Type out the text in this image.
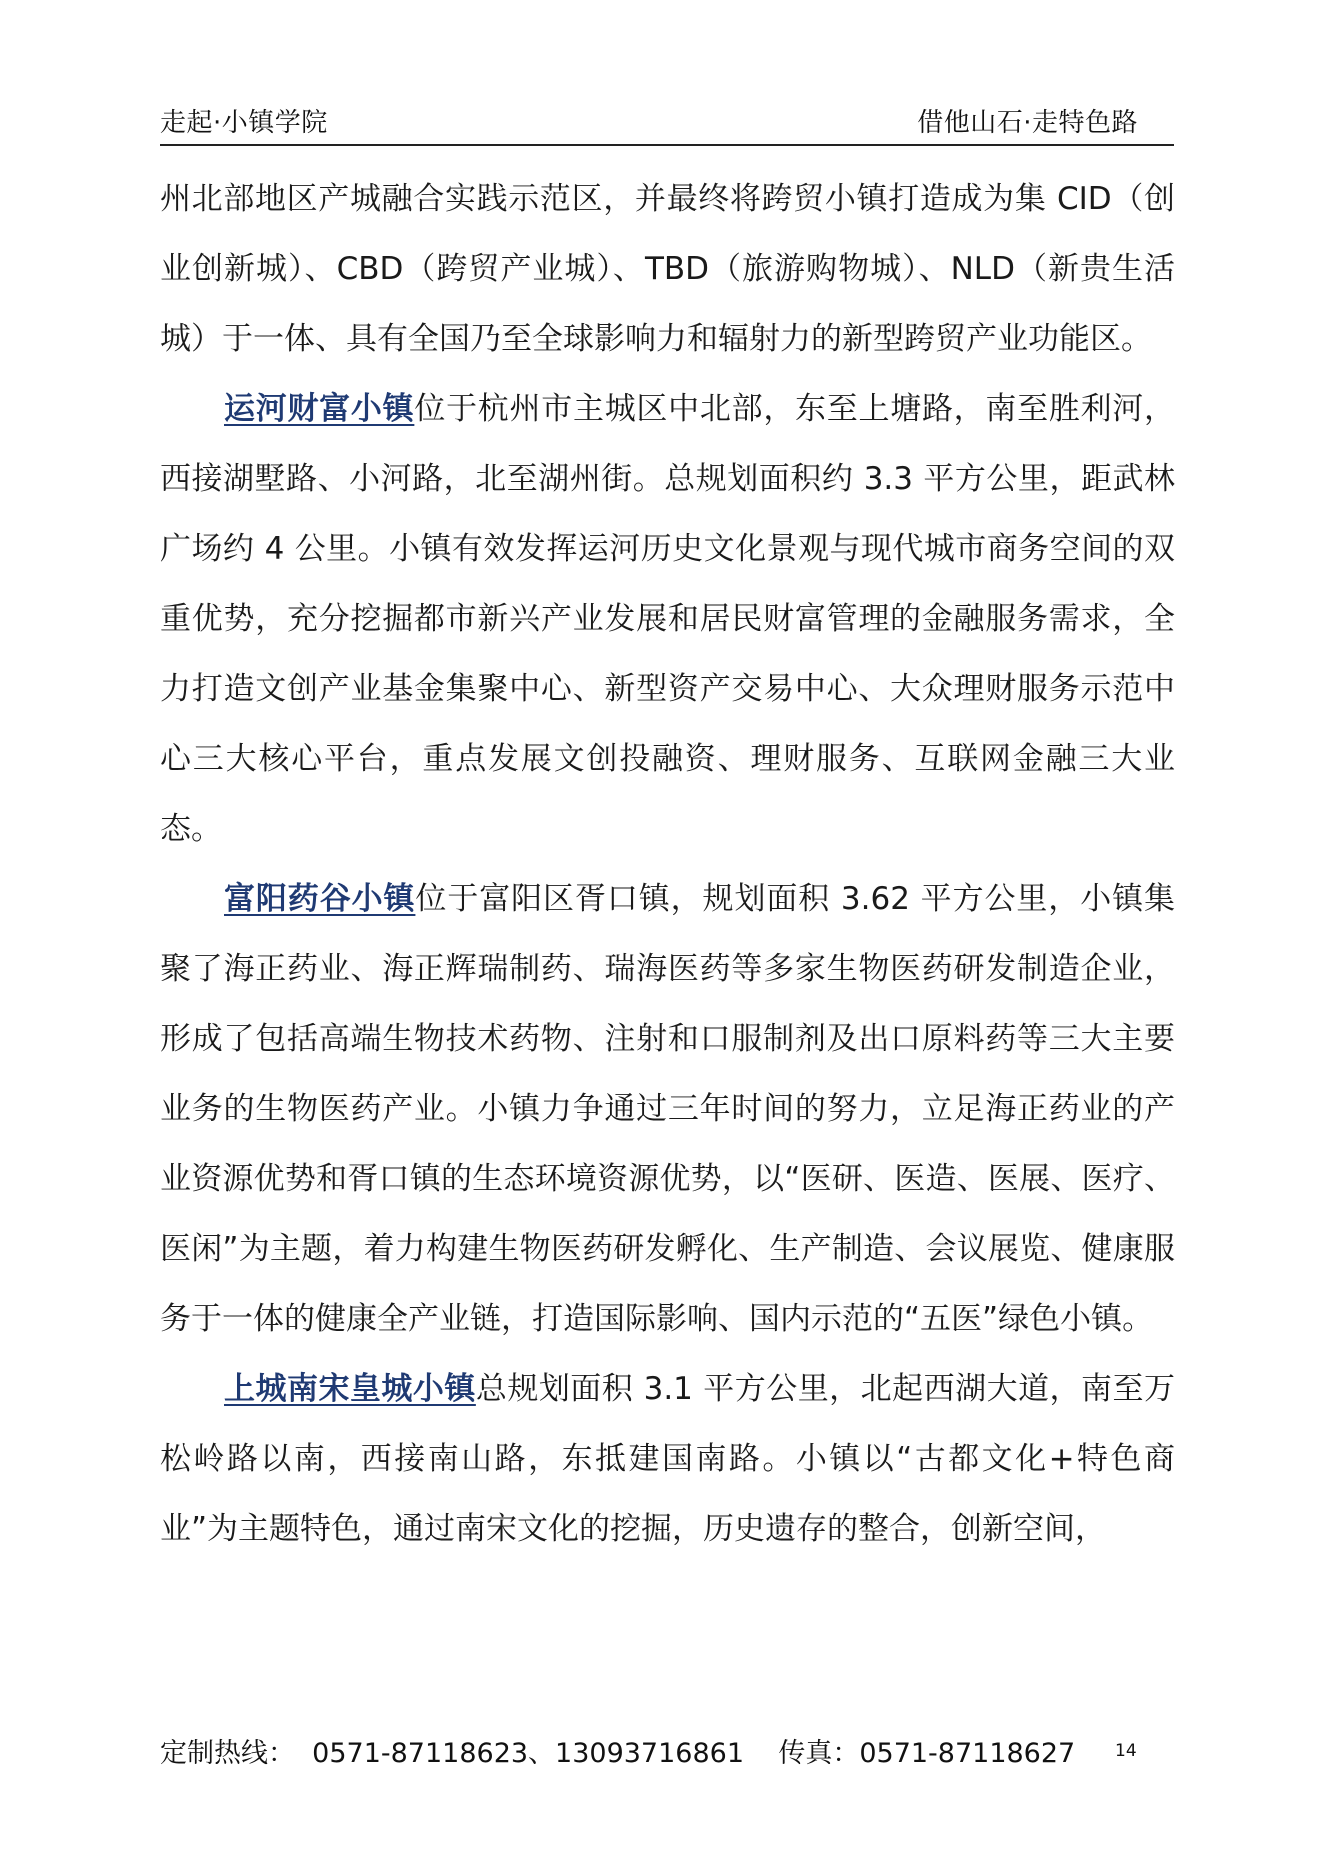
走起·小镇学院	借他山石·走特色路

州北部地区产城融合实践示范区，并最终将跨贸小镇打造成为集 CID（创业创新城）、CBD（跨贸产业城）、TBD（旅游购物城）、NLD（新贵生活城）于一体、具有全国乃至全球影响力和辐射力的新型跨贸产业功能区。

运河财富小镇位于杭州市主城区中北部，东至上塘路，南至胜利河，西接湖墅路、小河路，北至湖州街。总规划面积约 3.3 平方公里，距武林广场约 4 公里。小镇有效发挥运河历史文化景观与现代城市商务空间的双重优势，充分挖掘都市新兴产业发展和居民财富管理的金融服务需求，全力打造文创产业基金集聚中心、新型资产交易中心、大众理财服务示范中心三大核心平台，重点发展文创投融资、理财服务、互联网金融三大业态。

富阳药谷小镇位于富阳区胥口镇，规划面积 3.62 平方公里，小镇集聚了海正药业、海正辉瑞制药、瑞海医药等多家生物医药研发制造企业，形成了包括高端生物技术药物、注射和口服制剂及出口原料药等三大主要业务的生物医药产业。小镇力争通过三年时间的努力，立足海正药业的产业资源优势和胥口镇的生态环境资源优势，以“医研、医造、医展、医疗、医闲”为主题，着力构建生物医药研发孵化、生产制造、会议展览、健康服务于一体的健康全产业链，打造国际影响、国内示范的“五医”绿色小镇。

上城南宋皇城小镇总规划面积 3.1 平方公里，北起西湖大道，南至万松岭路以南，西接南山路，东抵建国南路。小镇以“古都文化+特色商业”为主题特色，通过南宋文化的挖掘，历史遗存的整合，创新空间，

定制热线：  0571-87118623、13093716861    传真：0571-87118627 14
